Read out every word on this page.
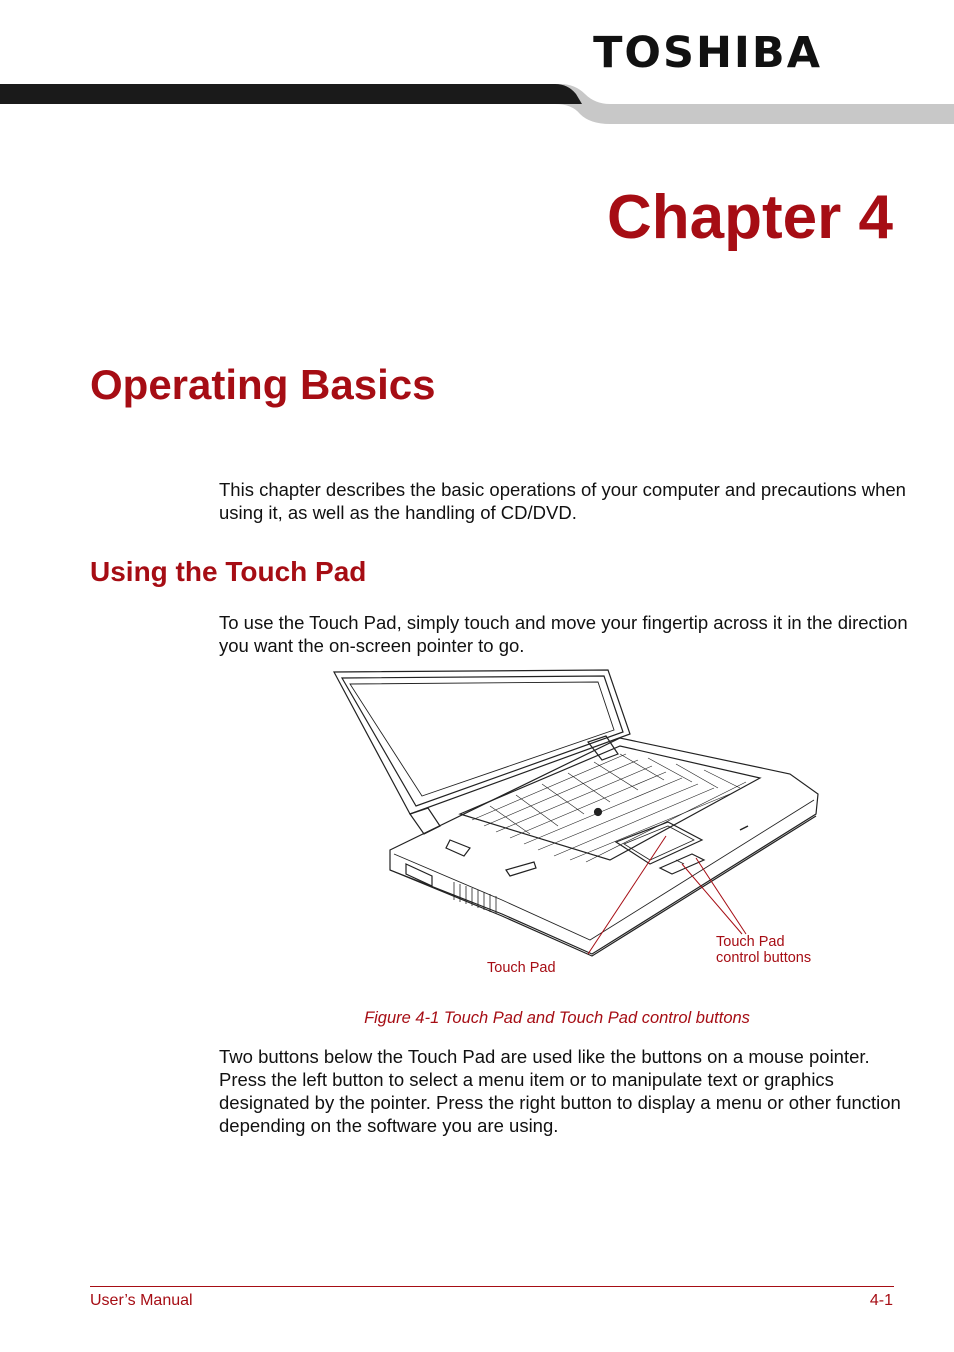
TOSHIBA
Chapter 4
Operating Basics

This chapter describes the basic operations of your computer and precautions when using it, as well as the handling of CD/DVD.

Using the Touch Pad

To use the Touch Pad, simply touch and move your fingertip across it in the direction you want the on-screen pointer to go.

Touch Pad
Touch Pad
control buttons
Figure 4-1 Touch Pad and Touch Pad control buttons

Two buttons below the Touch Pad are used like the buttons on a mouse pointer. Press the left button to select a menu item or to manipulate text or graphics designated by the pointer. Press the right button to display a menu or other function depending on the software you are using.

User’s Manual	4-1
